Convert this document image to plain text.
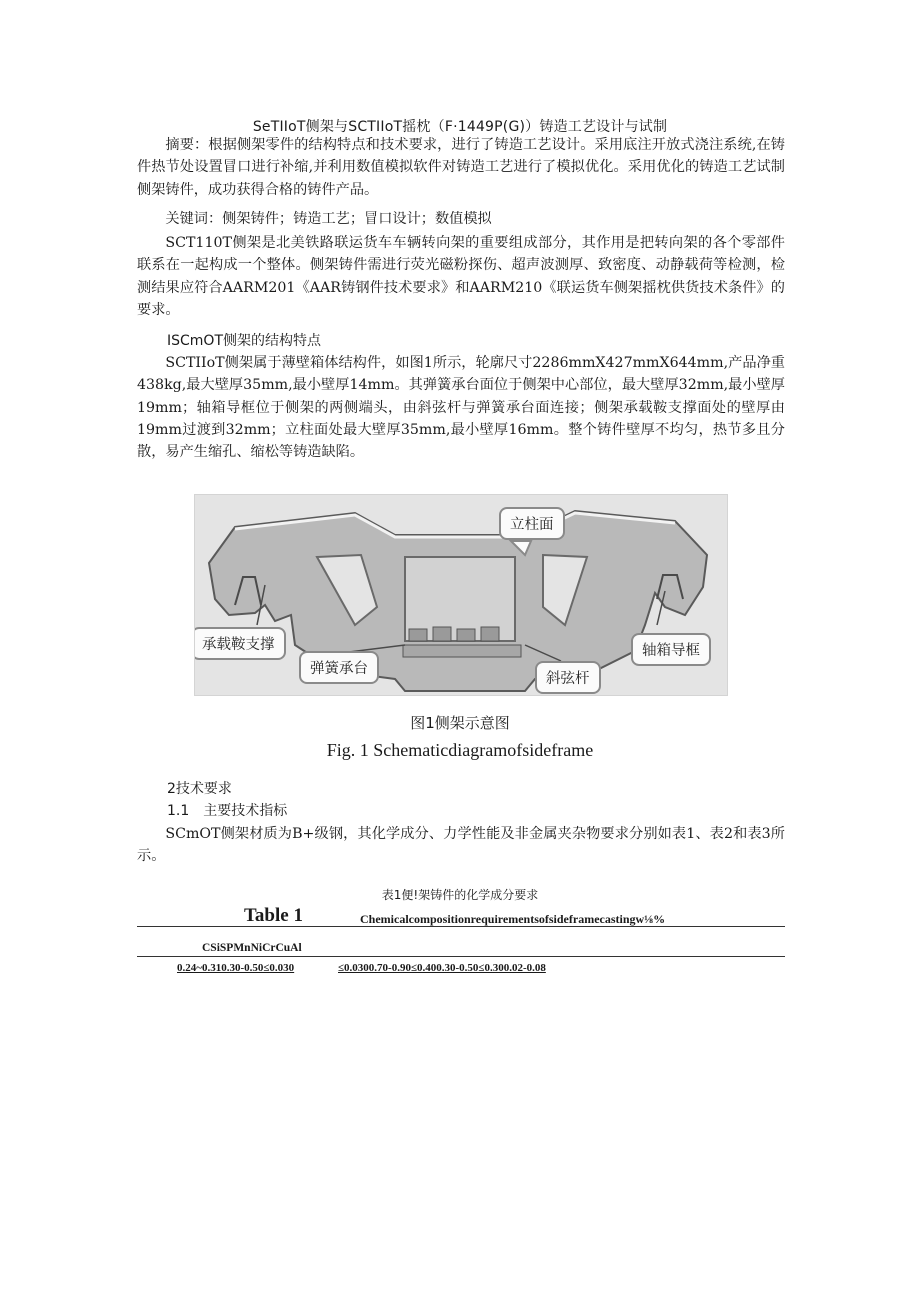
SeTIIoT侧架与SCTIIoT摇枕（F·1449P(G)）铸造工艺设计与试制

摘要：根据侧架零件的结构特点和技术要求，进行了铸造工艺设计。采用底注开放式浇注系统,在铸件热节处设置冒口进行补缩,并利用数值模拟软件对铸造工艺进行了模拟优化。采用优化的铸造工艺试制侧架铸件，成功获得合格的铸件产品。

关键词：侧架铸件；铸造工艺；冒口设计；数值模拟

SCT110T侧架是北美铁路联运货车车辆转向架的重要组成部分，其作用是把转向架的各个零部件联系在一起构成一个整体。侧架铸件需进行荧光磁粉探伤、超声波测厚、致密度、动静载荷等检测，检测结果应符合AARM201《AAR铸钢件技术要求》和AARM210《联运货车侧架摇枕供货技术条件》的要求。

ISCmOT侧架的结构特点

SCTIIoT侧架属于薄壁箱体结构件，如图1所示，轮廓尺寸2286mmX427mmX644mm,产品净重438kg,最大壁厚35mm,最小壁厚14mm。其弹簧承台面位于侧架中心部位，最大壁厚32mm,最小壁厚19mm；轴箱导框位于侧架的两侧端头，由斜弦杆与弹簧承台面连接；侧架承载鞍支撑面处的壁厚由19mm过渡到32mm；立柱面处最大壁厚35mm,最小壁厚16mm。整个铸件壁厚不均匀，热节多且分散，易产生缩孔、缩松等铸造缺陷。

立柱面
承载鞍支撑
弹簧承台
斜弦杆
轴箱导框

图1侧架示意图

Fig. 1 Schematicdiagramofsideframe

2技术要求

1.1　主要技术指标

SCmOT侧架材质为B+级钢，其化学成分、力学性能及非金属夹杂物要求分别如表1、表2和表3所示。

表1便!架铸件的化学成分要求

Table 1	Chemicalcompositionrequirementsofsideframecastingw⅛%

CSiSPMnNiCrCuAl

0.24~0.310.30-0.50≤0.030	≤0.0300.70-0.90≤0.400.30-0.50≤0.300.02-0.08
